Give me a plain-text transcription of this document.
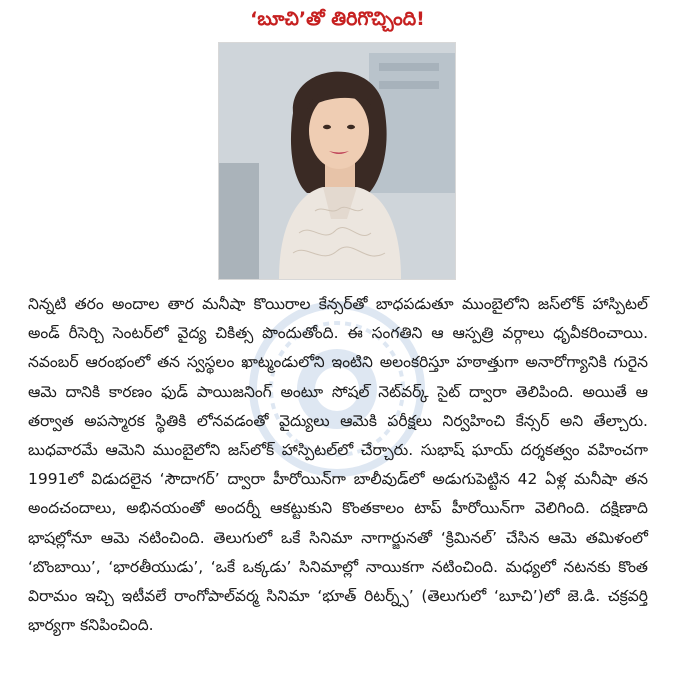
‘బూచి’తో తిరిగొచ్చింది!

నిన్నటి తరం అందాల తార మనీషా కొయిరాల కేన్సర్‌తో బాధపడుతూ ముంబైలోని జస్‌లోక్ హాస్పిటల్ అండ్ రీసెర్చి సెంటర్‌లో వైద్య చికిత్స పొందుతోంది. ఈ సంగతిని ఆ ఆస్పత్రి వర్గాలు ధృవీకరించాయి. నవంబర్ ఆరంభంలో తన స్వస్థలం ఖాట్మండులోని ఇంటిని అలంకరిస్తూ హఠాత్తుగా అనారోగ్యానికి గురైన ఆమె దానికి కారణం ఫుడ్ పాయిజనింగ్ అంటూ సోషల్ నెట్‌వర్క్ సైట్ ద్వారా తెలిపింది. అయితే ఆ తర్వాత అపస్మారక స్థితికి లోనవడంతో వైద్యులు ఆమెకి పరీక్షలు నిర్వహించి కేన్సర్ అని తేల్చారు. బుధవారమే ఆమెని ముంబైలోని జస్‌లోక్ హాస్పిటల్‌లో చేర్చారు. సుభాష్ ఘాయ్ దర్శకత్వం వహించగా 1991లో విడుదలైన ‘సౌదాగర్’ ద్వారా హీరోయిన్‌గా బాలీవుడ్‌లో అడుగుపెట్టిన 42 ఏళ్ల మనీషా తన అందచందాలు, అభినయంతో అందర్నీ ఆకట్టుకుని కొంతకాలం టాప్ హీరోయిన్‌గా వెలిగింది. దక్షిణాది భాషల్లోనూ ఆమె నటించింది. తెలుగులో ఒకే సినిమా నాగార్జునతో ‘క్రిమినల్’ చేసిన ఆమె తమిళంలో ‘బొంబాయి’, ‘భారతీయుడు’, ‘ఒకే ఒక్కడు’ సినిమాల్లో నాయికగా నటించింది. మధ్యలో నటనకు కొంత విరామం ఇచ్చి ఇటీవలే రాంగోపాల్‌వర్మ సినిమా ‘భూత్ రిటర్న్స్’ (తెలుగులో ‘బూచి’)లో జె.డి. చక్రవర్తి భార్యగా కనిపించింది.
